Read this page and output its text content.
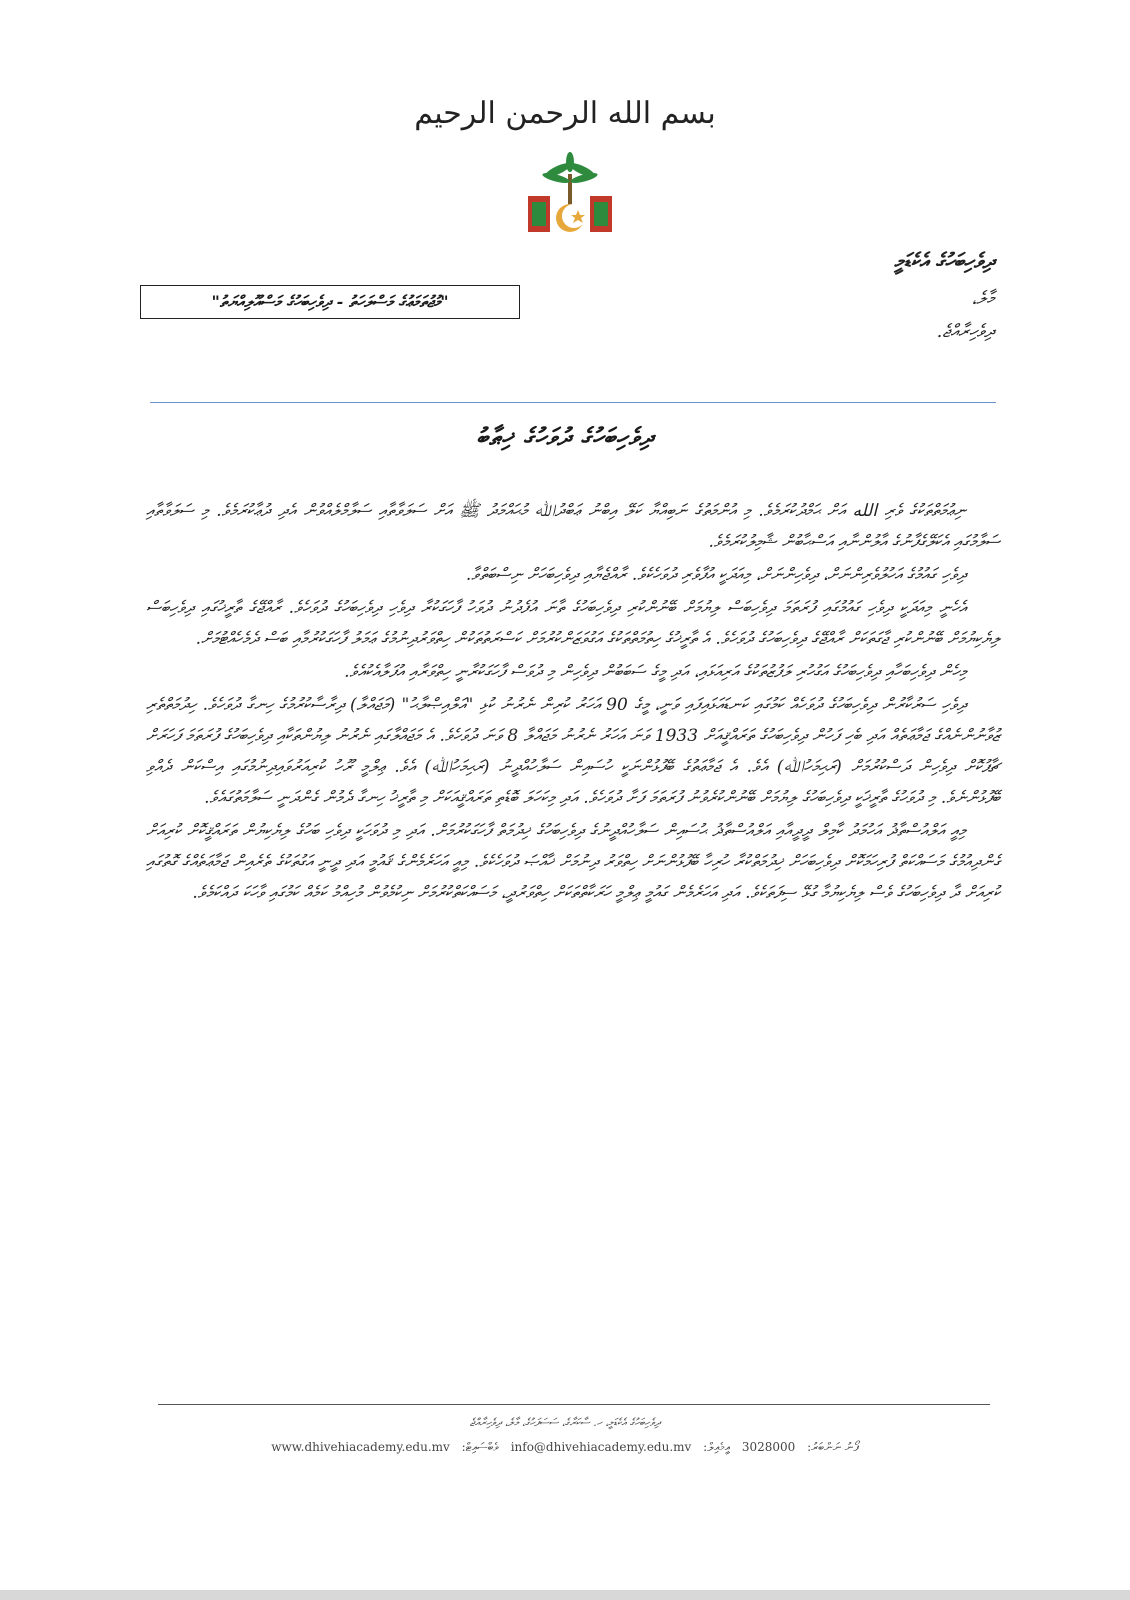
بسم الله الرحمن الرحيم
ދިވެހިބަހުގެ އެކެޑަމީ
މާލެ،
ދިވެހިރާއްޖެ.
"މުޖުތަމަޢުގެ މަސްލަހަތު - ދިވެހިބަހުގެ މަސްއޫލިއްޔަތު"
ދިވެހިބަހުގެ ދުވަހުގެ ޚިޠާބު

ނިޢުމަތްތަކުގެ ވެރި الله އަށް ޙަމްދުކުރަމެވެ. މި އުންމަތުގެ ނަބިއްޔާ ކަލޭ އިބްނު ޢަބްދުﷲ މުޙައްމަދު ﷺ އަށް ސަލަވާތާއި ސަލާމްލެއްވުން އެދި ދުޢާކުރަމެވެ. މި ސަލަވާތާއި ސަލާމުގައި އެކަލޭގެފާނުގެ އާލުންނާއި އަސްޙާބުން ޝާމިލުކުރަމެވެ.

ދިވެހި ގައުމުގެ އަހުލުވެރިންނަށް، ދިވެހިންނަށް، މިއަދަކީ އުފާވެރި ދުވަހެކެވެ. ރާއްޖެޔާއި ދިވެހިބަހަށް ނިސްބަތްވާ.

އެހެނީ މިއަދަކީ ދިވެހި ގައުމުގައި ފުރަތަމަ ދިވެހިބަސް ލިޔުމަށް ބޭނުންކުރި ދިވެހިބަހުގެ ތާނަ އުފެދުނު ދުވަހު ފާހަގަކުރާ ދިވެހި ދިވެހިބަހުގެ ދުވަހެވެ. ރާއްޖޭގެ ތާރީޚުގައި ދިވެހިބަސް ލިޔެކިޔުމަށް ބޭނުންކުރި ޖާގަތަކަށް ރާއްޖޭގެ ދިވެހިބަހުގެ ދުވަހެވެ. އެ ތާރީޚުގެ ހިތުމަތްތަކުގެ އަގުވަޒަންކުރުމަށް ކަސްރަތުތަކުން ހިތްވަރުދިނުމުގެ ޢަމަލު ފާހަގަކުރުމާއި ބަސް ދެމެހެއްޓުމަށް.

މިހެން ދިވެހިބަހާއި ދިވެހިބަހުގެ އަގުހުރި ލަފުޒުތަކުގެ އަރިއަޅައި، އަދި މީގެ ސަބަބުން ދިވެހިން މި ދުވަސް ފާހަގަކުރާނީ ހިތްވަރާއި އުފަލާއެކުއެވެ.

ދިވެހި ސަރުކާރުން ދިވެހިބަހުގެ ދުވަހެއް ކަމުގައި ކަނޑައަޅައިފައި ވަނީ، މީގެ 90 އަހަރު ކުރިން ނެރުނު ކުޅި "އަލްއިޞްލާޙު" (މަޖައްލާ) ދިރާސާކުރުމުގެ ހިނގާ ދުވަހެވެ. ހިދުމަތްތެރި ޒުވާނުންނެއްގެ ޖަމާޢަތެއް އަދި ބެހި ފަހުން ދިވެހިބަހުގެ ތަރައްޤީއަށް 1933 ވަނަ އަހަރު ނެރުނު މަޖައްލާ 8 ވަނަ ދުވަހެވެ. އެ މަޖައްލާގައި ނެރުނު ލިޔުންތަކާއި ދިވެހިބަހުގެ ފުރަތަމަ ފަހަރަށް ޗާޕުކޮށް ދިވެހިން ދަސްކުރުމަށް (ރަޙިމަހުﷲ) އެވެ. އެ ޖަމާޢަތުގެ ބޭފުޅުންނަކީ ހުސައިން ސަލާހުއްދީނު (ރަޙިމަހުﷲ) އެވެ. ޢިލްމީ ރޫހު ކުރިއަރުވައިދިނުމުގައި އިސްކަން ދެއްވި ބޭފުޅުންނެވެ. މި ދުވަހުގެ ތާރީޚަކީ ދިވެހިބަހުގެ ލިޔުމަށް ބޭނުންކުރެވުނު ފުރަތަމަ ފަށާ ދުވަހެވެ. އަދި މިކަހަލަ ބޮޑެތި ތަރައްޤީއަކަށް މި ތާރީޚު ހިނގާ ދެމުން ގެންދަނީ ސަލާމަތުގައެވެ.

މިއީ އަލްއުސްތާޛު އަހުމަދު ކާމިލް ދީދީއާއި އަލްއުސްތާޛު ޙުސައިން ސަލާހުއްދީނުގެ ދިވެހިބަހުގެ ޚިދުމަތް ފާހަގަކުރުމަށް. އަދި މި ދުވަހަކީ ދިވެހި ބަހުގެ ލިޔެކިޔުން ތަރައްޤީކޮށް ކުރިއަށް ގެންދިއުމުގެ މަސައްކަތް ފުރިހަމަކޮށް ދިވެހިބަހަށް ޚިދުމަތްކުރާ ހުރިހާ ބޭފުޅުންނަށް ހިތްވަރު ދިނުމަށް ޚާއްޞަ ދުވަހެކެވެ. މިއީ އަހަރެމެންގެ ޤައުމީ އަދި ދީނީ އަގުތަކުގެ ތެރެއިން ޖަމާޢަތެއްގެ ގޮތުގައި ކުރިއަށް ދާ ދިވެހިބަހުގެ ވެސް ލިޔެކިޔުމާ ގުޅޭ ސިފަތަކެވެ. އަދި އަހަރެމެން ގައުމީ ޢިލްމީ ހަރަކާތްތަކަށް ހިތްވަރުދީ، މަސައްކަތްކުރުމަށް ނިކުމެވުން މުހިއްމު ކަމެއް ކަމުގައި ވާހަކަ ދައްކަމެވެ.

ދިވެހިބަހުގެ އެކެޑަމީ، ހ. ސާކަރާގެ، ސަސަފަހުގެ، މާލެ، ދިވެހިރާއްޖެ
ފޯނު ނަންބަރު: 3028000 އީމެއިލް: info@dhivehiacademy.edu.mv ވެބްސައިޓް: www.dhivehiacademy.edu.mv
